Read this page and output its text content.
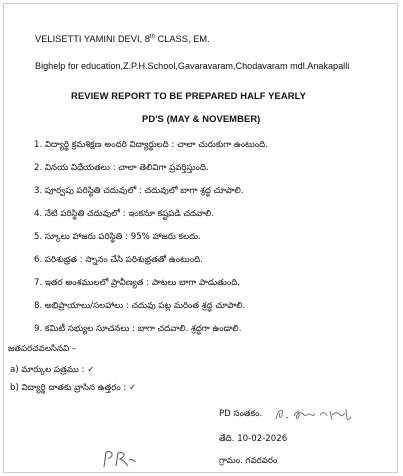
VELISETTI YAMINI DEVI, 8th CLASS, EM.
Bighelp for education,Z.P.H.School,Gavaravaram,Chodavaram mdl.Anakapalli
REVIEW REPORT TO BE PREPARED HALF YEARLY
PD'S (MAY & NOVEMBER)
1. విద్యార్థి క్రమశిక్షణ అందరి విద్యార్థులది : చాలా చురుకుగా ఉంటుంది.
2. వినయ విధేయతలు : చాలా తెలివిగా ప్రవర్తిస్తుంది.
3. పూర్వపు పరిస్థితి చదువులో : చదువులో బాగా శ్రద్ధ చూపాలి.
4. నేటి పరిస్థితి చదువులో : ఇంకనూ కష్టపడి చదవాలి.
5. స్కూలు హాజరు పరిస్థితి : 95% హాజరు కలదు.
6. పరిశుభ్రత : స్నానం చేసి పరిశుభ్రతతో ఉంటుంది.
7. ఇతర అంశములలో ప్రావీణ్యత : పాటలు బాగా పాడుతుంది.
8. అభిప్రాయాలు/సలహాలు : చదువు పట్ల మరింత శ్రద్ధ చూపాలి.
9. కమిటీ సభ్యుల సూచనలు : బాగా చదవాలి. శ్రద్ధగా ఉండాలి.
జతపరచవలసినవి –
a) మార్కుల పత్రము : ✓
b) విద్యార్థి దాతకు వ్రాసిన ఉత్తరం : ✓
PD సంతకం.
తేది. 10-02-2026
గ్రామం. గవరవరం
